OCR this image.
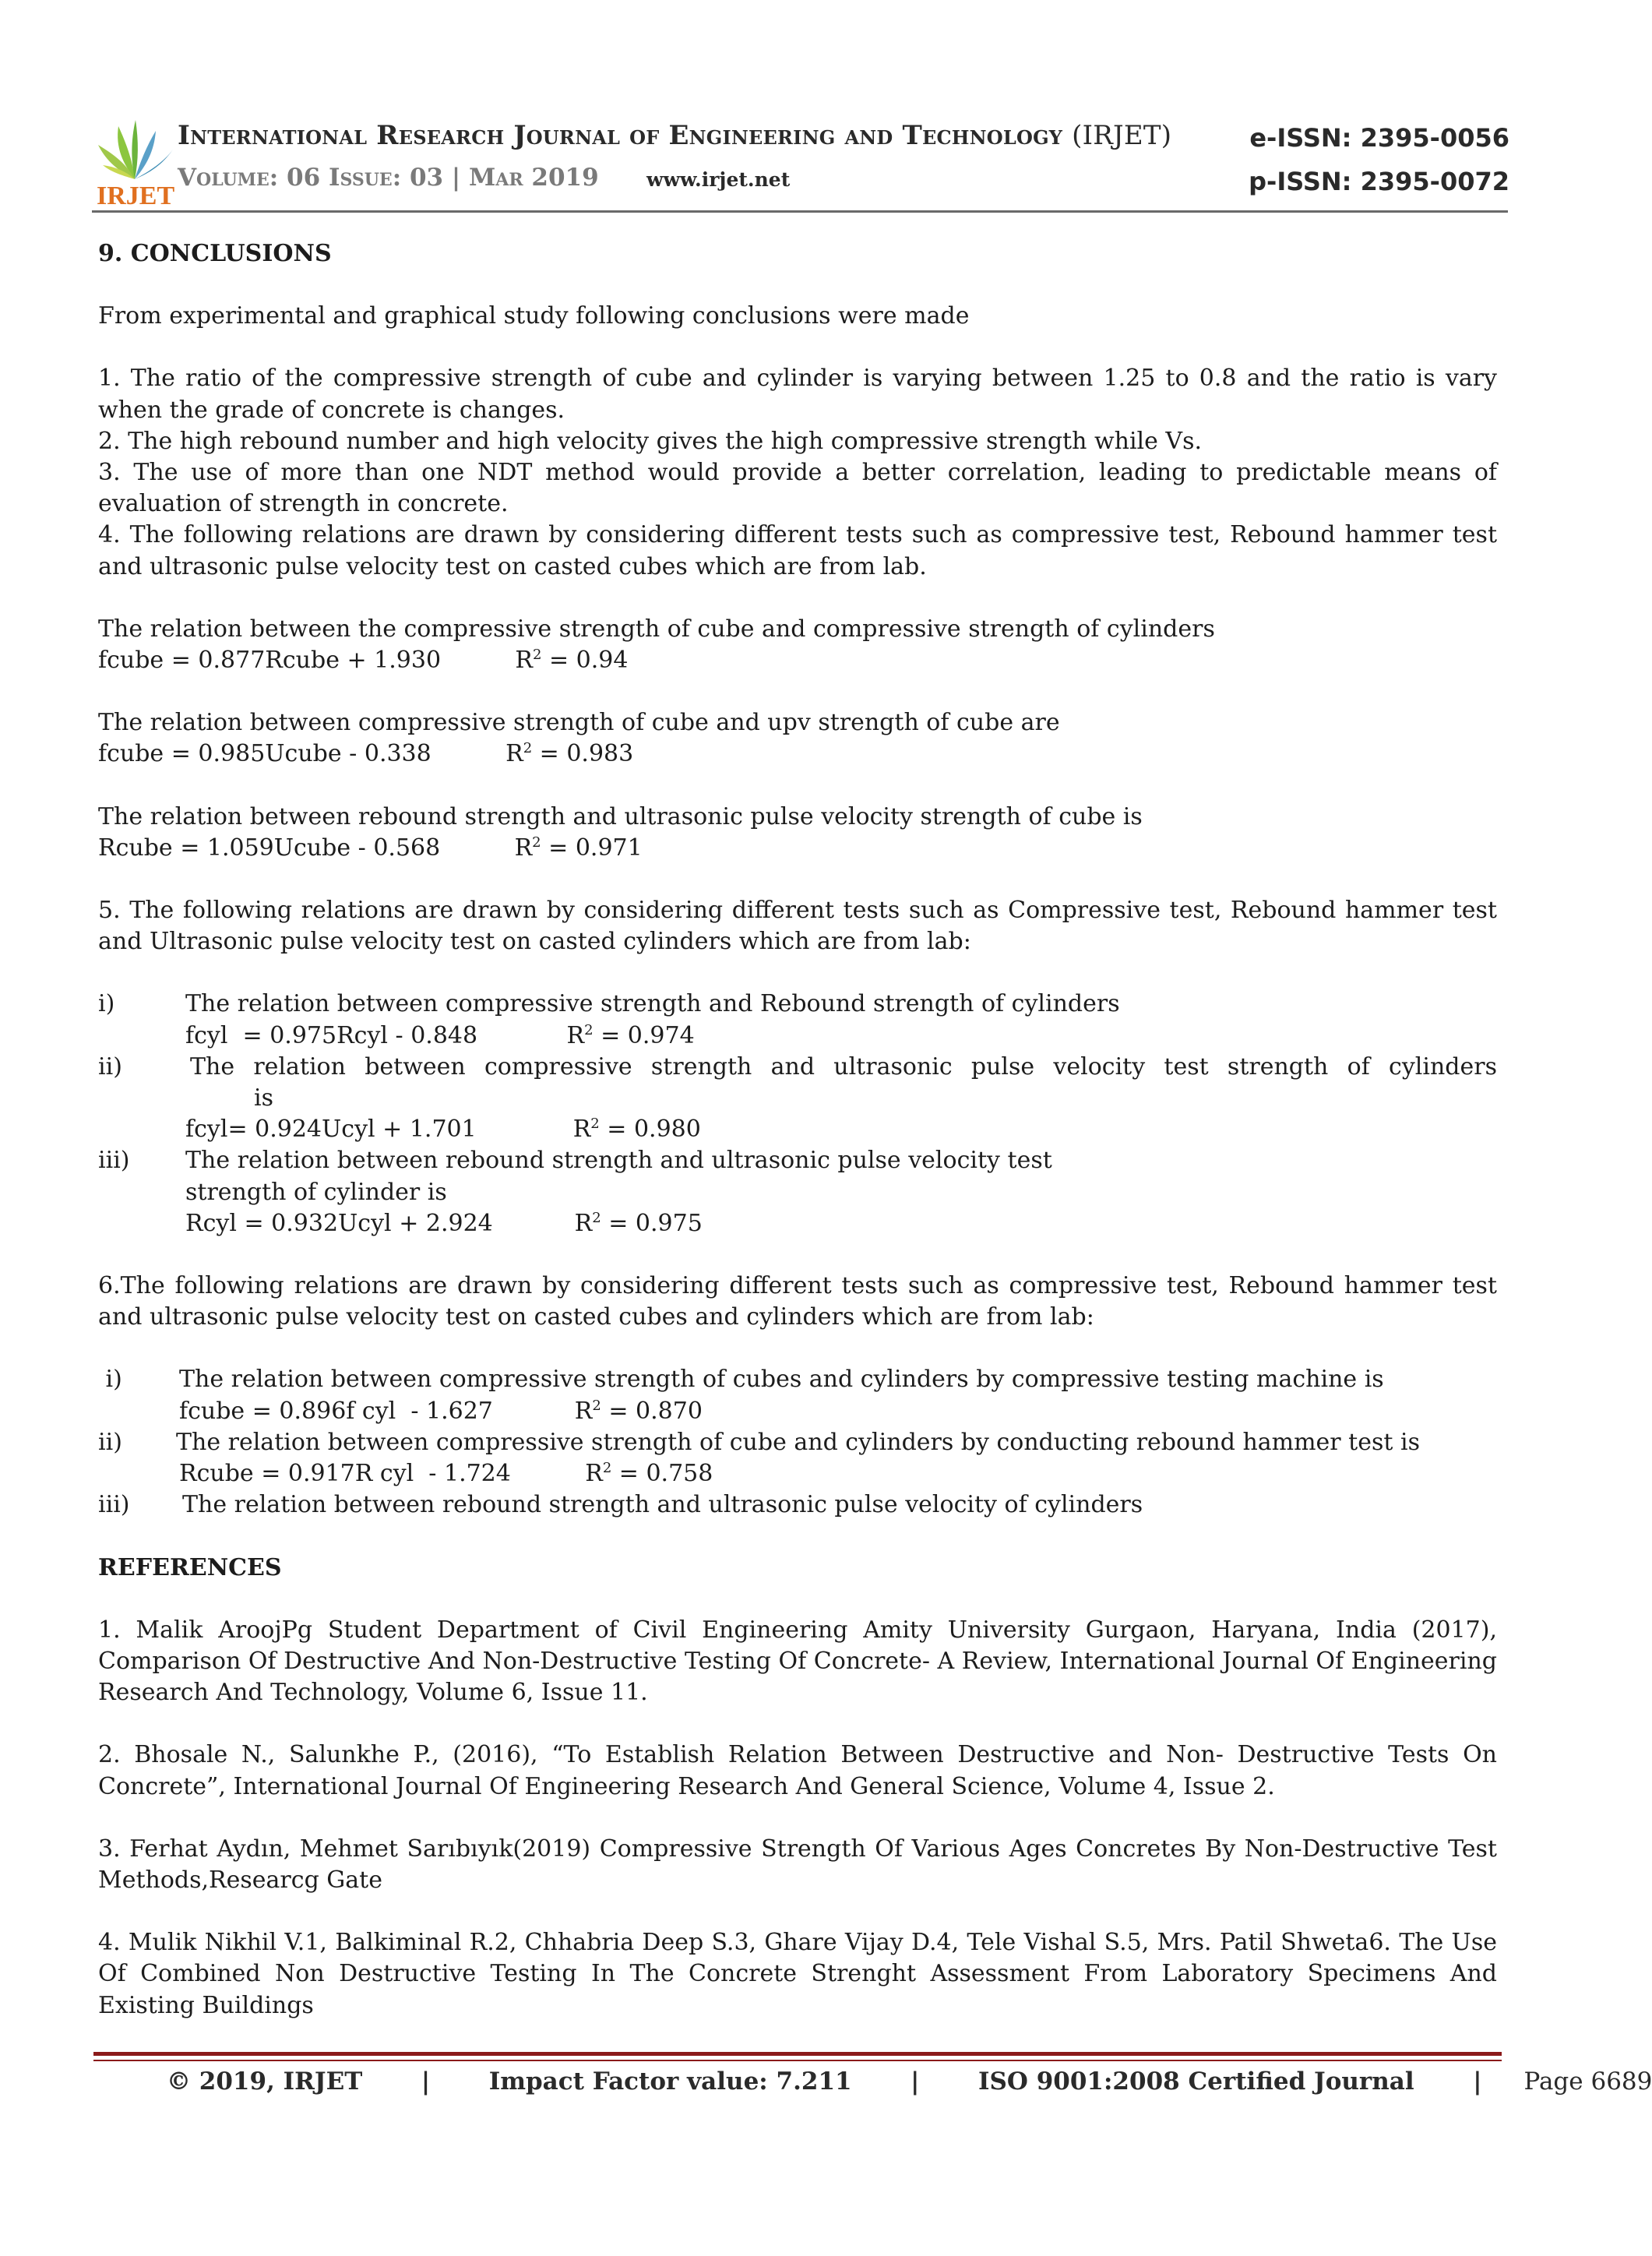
IRJET
International Research Journal of Engineering and Technology (IRJET)
Volume: 06 Issue: 03 | Mar 2019 www.irjet.net
e-ISSN: 2395-0056
p-ISSN: 2395-0072

9. CONCLUSIONS

From experimental and graphical study following conclusions were made

1. The ratio of the compressive strength of cube and cylinder is varying between 1.25 to 0.8 and the ratio is vary when the grade of concrete is changes.

2. The high rebound number and high velocity gives the high compressive strength while Vs.

3. The use of more than one NDT method would provide a better correlation, leading to predictable means of evaluation of strength in concrete.

4. The following relations are drawn by considering different tests such as compressive test, Rebound hammer test and ultrasonic pulse velocity test on casted cubes which are from lab.

The relation between the compressive strength of cube and compressive strength of cylinders

fcube = 0.877Rcube + 1.930          $R^2 = 0.94$

The relation between compressive strength of cube and upv strength of cube are

fcube = 0.985Ucube - 0.338          $R^2 = 0.983$

The relation between rebound strength and ultrasonic pulse velocity strength of cube is

Rcube = 1.059Ucube - 0.568          $R^2 = 0.971$

5. The following relations are drawn by considering different tests such as Compressive test, Rebound hammer test and Ultrasonic pulse velocity test on casted cylinders which are from lab:

i)	The relation between compressive strength and Rebound strength of cylinders

fcyl  = 0.975Rcyl - 0.848            $R^2 = 0.974$

ii)	The relation between compressive strength and ultrasonic pulse velocity test strength of cylinders

is

fcyl= 0.924Ucyl + 1.701             $R^2 = 0.980$

iii)	The relation between rebound strength and ultrasonic pulse velocity test strength of cylinder is

Rcyl = 0.932Ucyl + 2.924           $R^2 = 0.975$

6.The following relations are drawn by considering different tests such as compressive test, Rebound hammer test and ultrasonic pulse velocity test on casted cubes and cylinders which are from lab:

i)	The relation between compressive strength of cubes and cylinders by compressive testing machine is

fcube = 0.896f cyl  - 1.627           $R^2 = 0.870$

ii)	The relation between compressive strength of cube and cylinders by conducting rebound hammer test is

Rcube = 0.917R cyl  - 1.724          $R^2 = 0.758$

iii)	The relation between rebound strength and ultrasonic pulse velocity of cylinders

REFERENCES

1. Malik AroojPg Student Department of Civil Engineering Amity University Gurgaon, Haryana, India (2017), Comparison Of Destructive And Non-Destructive Testing Of Concrete- A Review, International Journal Of Engineering Research And Technology, Volume 6, Issue 11.

2. Bhosale N., Salunkhe P., (2016), “To Establish Relation Between Destructive and Non- Destructive Tests On Concrete”, International Journal Of Engineering Research And General Science, Volume 4, Issue 2.

3. Ferhat Aydın, Mehmet Sarıbıyık(2019) Compressive Strength Of Various Ages Concretes By Non-Destructive Test Methods,Researcg Gate

4. Mulik Nikhil V.1, Balkiminal R.2, Chhabria Deep S.3, Ghare Vijay D.4, Tele Vishal S.5, Mrs. Patil Shweta6. The Use Of Combined Non Destructive Testing In The Concrete Strenght Assessment From Laboratory Specimens And Existing Buildings

© 2019, IRJET | Impact Factor value: 7.211 | ISO 9001:2008 Certified Journal | Page 6689
